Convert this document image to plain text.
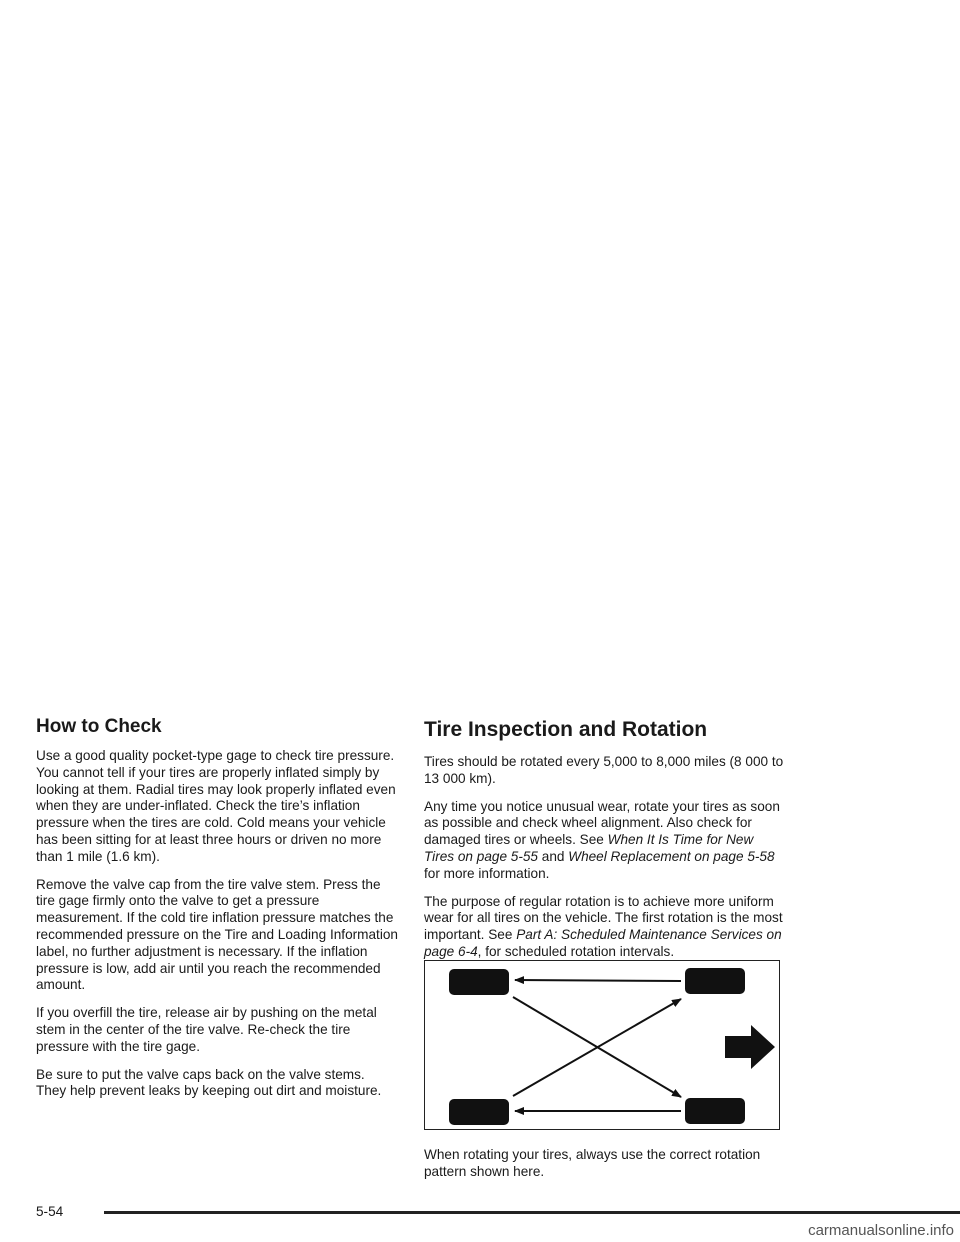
How to Check

Use a good quality pocket-type gage to check tire pressure. You cannot tell if your tires are properly inflated simply by looking at them. Radial tires may look properly inflated even when they are under-inflated. Check the tire’s inflation pressure when the tires are cold. Cold means your vehicle has been sitting for at least three hours or driven no more than 1 mile (1.6 km).

Remove the valve cap from the tire valve stem. Press the tire gage firmly onto the valve to get a pressure measurement. If the cold tire inflation pressure matches the recommended pressure on the Tire and Loading Information label, no further adjustment is necessary. If the inflation pressure is low, add air until you reach the recommended amount.

If you overfill the tire, release air by pushing on the metal stem in the center of the tire valve. Re-check the tire pressure with the tire gage.

Be sure to put the valve caps back on the valve stems. They help prevent leaks by keeping out dirt and moisture.

Tire Inspection and Rotation

Tires should be rotated every 5,000 to 8,000 miles (8 000 to 13 000 km).

Any time you notice unusual wear, rotate your tires as soon as possible and check wheel alignment. Also check for damaged tires or wheels. See When It Is Time for New Tires on page 5-55 and Wheel Replacement on page 5-58 for more information.

The purpose of regular rotation is to achieve more uniform wear for all tires on the vehicle. The first rotation is the most important. See Part A: Scheduled Maintenance Services on page 6-4, for scheduled rotation intervals.

When rotating your tires, always use the correct rotation pattern shown here.

5-54
carmanualsonline.info
